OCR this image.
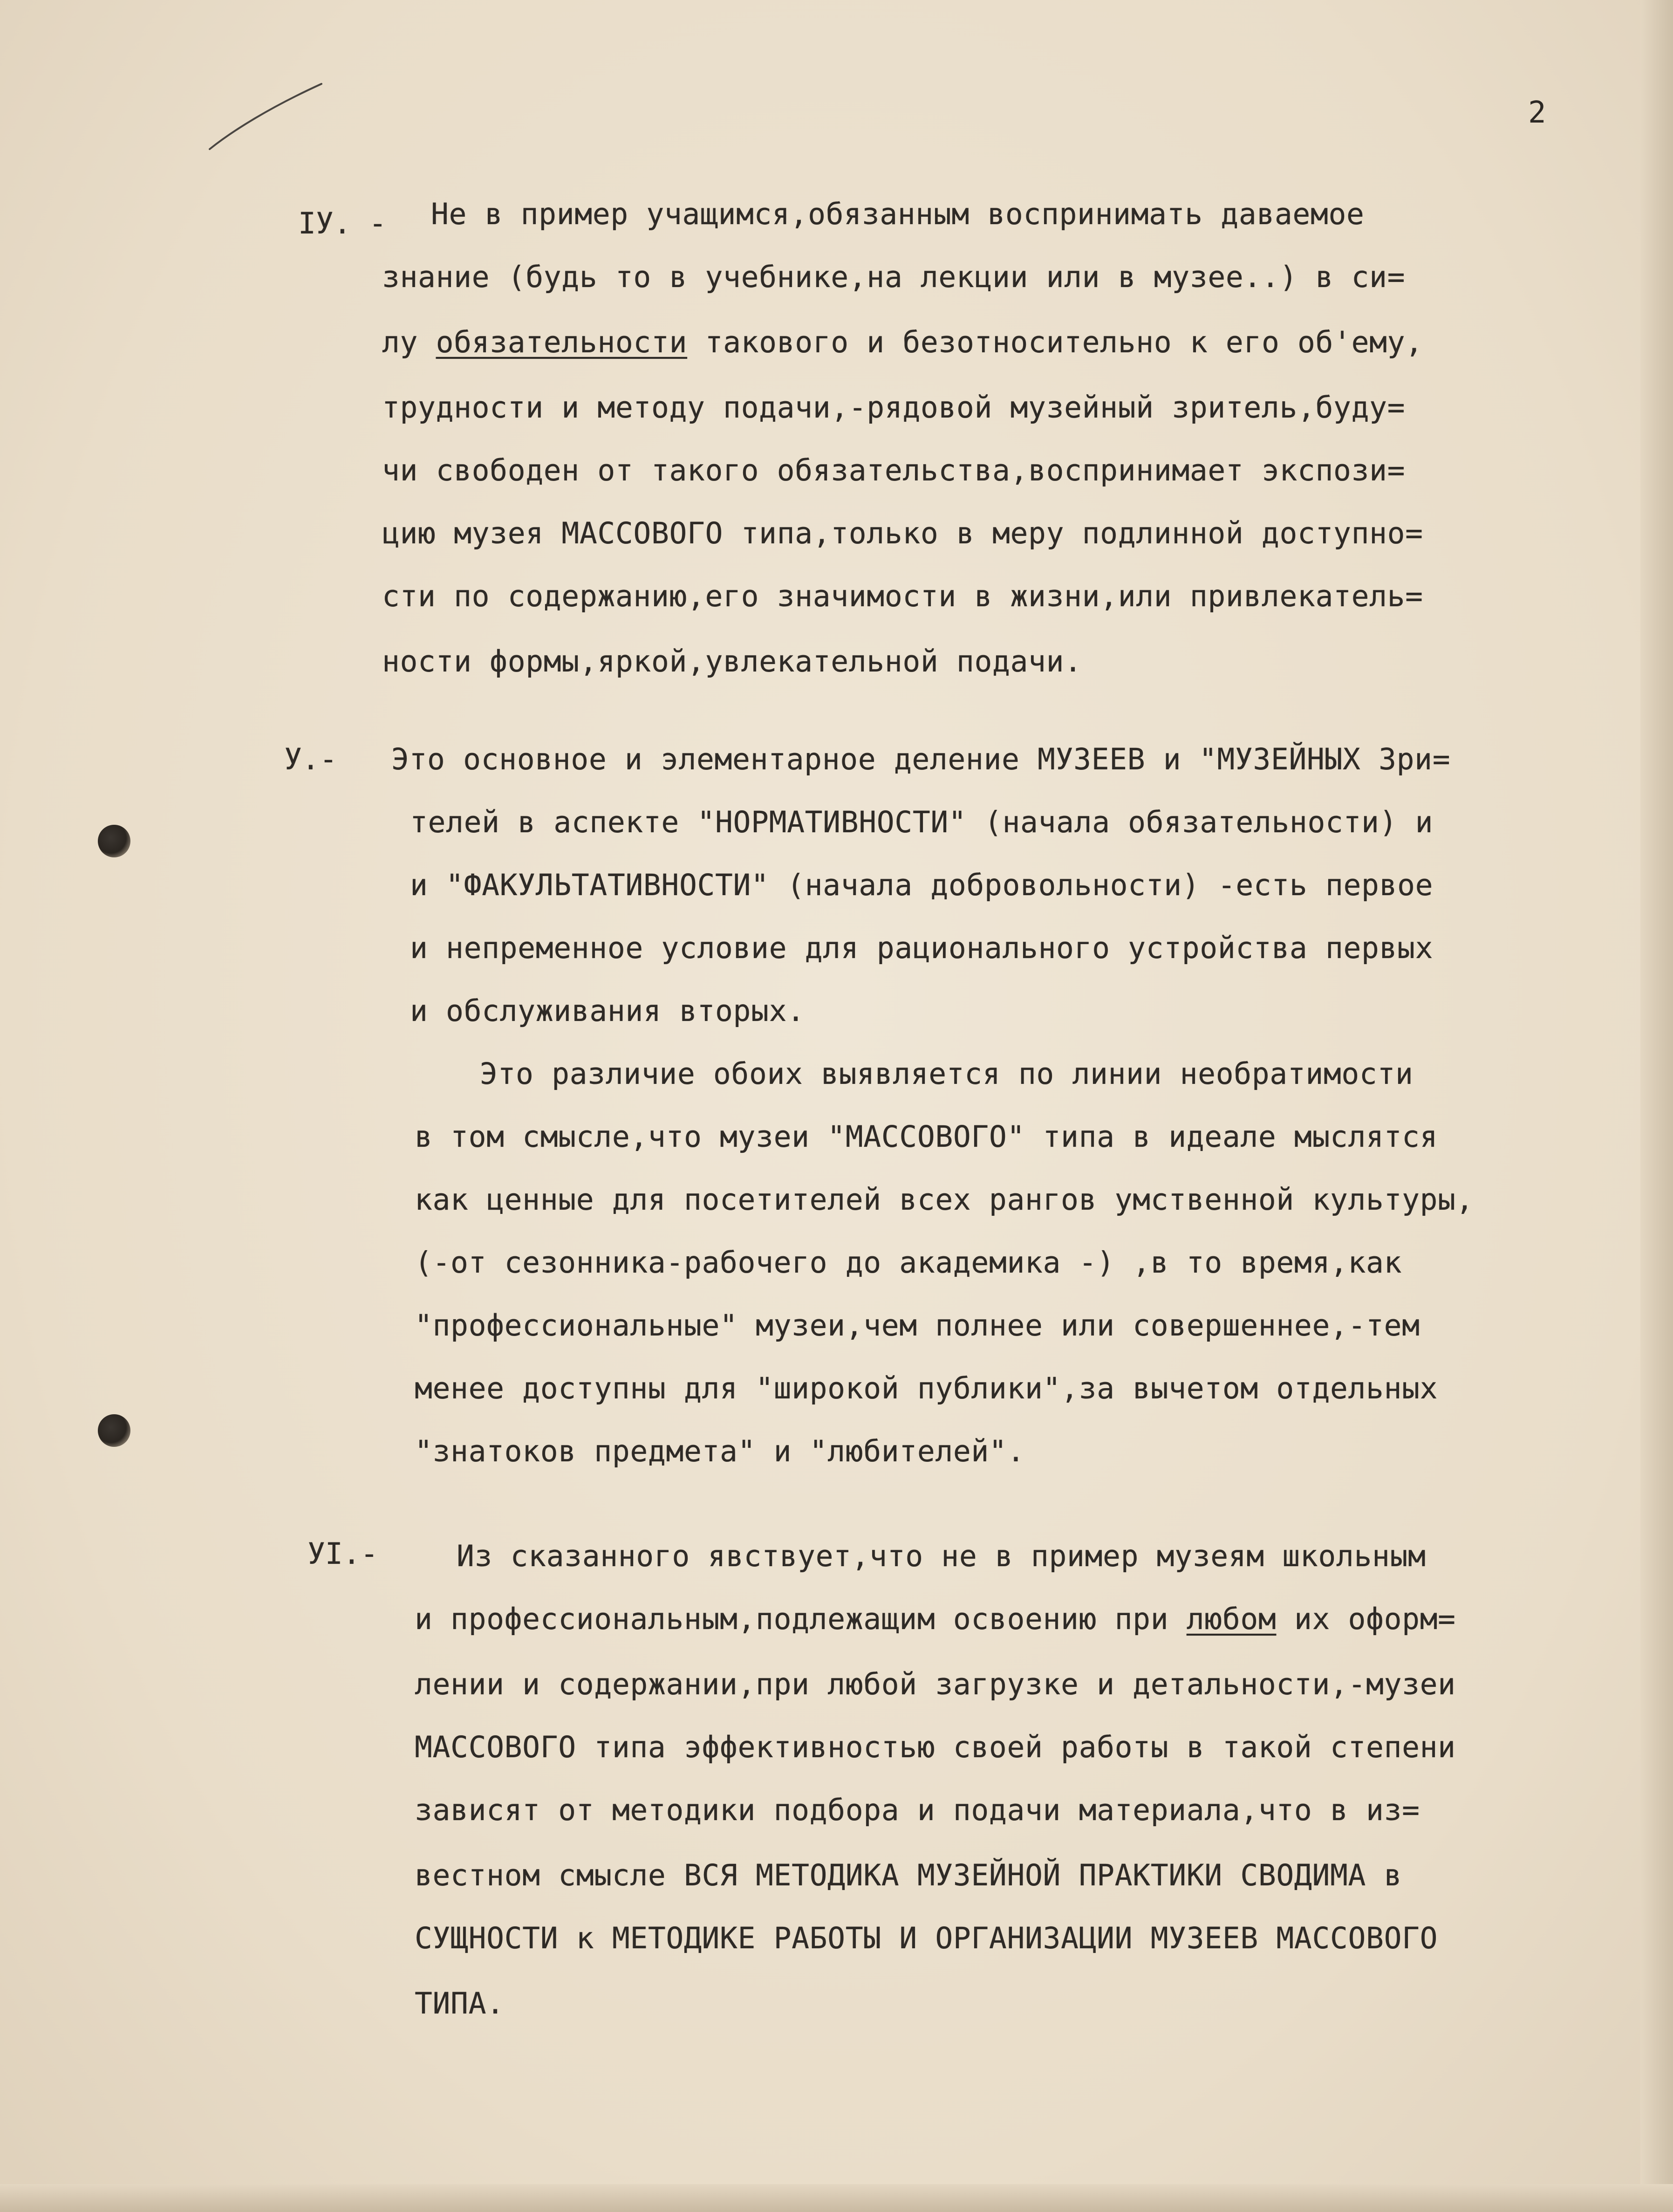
2
IУ. - Не в пример учащимся,обязанным воспринимать даваемое
знание (будь то в учебнике,на лекции или в музее..) в си=
лу обязательности такового и безотносительно к его об'ему,
трудности и методу подачи,-рядовой музейный зритель,буду=
чи свободен от такого обязательства,воспринимает экспози=
цию музея МАССОВОГО типа,только в меру подлинной доступно=
сти по содержанию,его значимости в жизни,или привлекатель=
ности формы,яркой,увлекательной подачи.
У.- Это основное и элементарное деление МУЗЕЕВ и "МУЗЕЙНЫХ Зри=
телей в аспекте "НОРМАТИВНОСТИ" (начала обязательности) и
и "ФАКУЛЬТАТИВНОСТИ" (начала добровольности) -есть первое
и непременное условие для рационального устройства первых
и обслуживания вторых.
Это различие обоих выявляется по линии необратимости
в том смысле,что музеи "МАССОВОГО" типа в идеале мыслятся
как ценные для посетителей всех рангов умственной культуры,
(-от сезонника-рабочего до академика -) ,в то время,как
"профессиональные" музеи,чем полнее или совершеннее,-тем
менее доступны для "широкой публики",за вычетом отдельных
"знатоков предмета" и "любителей".
УI.-	Из сказанного явствует,что не в пример музеям школьным
и профессиональным,подлежащим освоению при любом их оформ=
лении и содержании,при любой загрузке и детальности,-музеи
МАССОВОГО типа эффективностью своей работы в такой степени
зависят от методики подбора и подачи материала,что в из=
вестном смысле ВСЯ МЕТОДИКА МУЗЕЙНОЙ ПРАКТИКИ СВОДИМА в
СУЩНОСТИ к МЕТОДИКЕ РАБОТЫ И ОРГАНИЗАЦИИ МУЗЕЕВ МАССОВОГО
ТИПА.
